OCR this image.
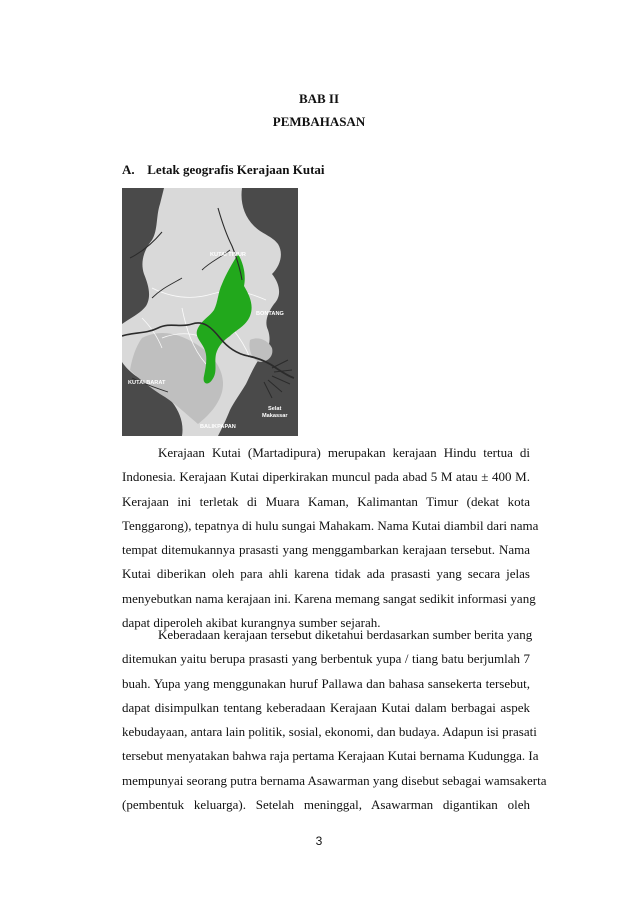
BAB II
PEMBAHASAN
A. Letak geografis Kerajaan Kutai
KUTAI TIMUR
BONTANG
KUTAI BARAT
BALIKPAPAN
Selat
Makassar
Kerajaan Kutai (Martadipura) merupakan kerajaan Hindu tertua di
Indonesia. Kerajaan Kutai diperkirakan muncul pada abad 5 M atau ± 400 M.
Kerajaan ini terletak di Muara Kaman, Kalimantan Timur (dekat kota
Tenggarong), tepatnya di hulu sungai Mahakam. Nama Kutai diambil dari nama
tempat ditemukannya prasasti yang menggambarkan kerajaan tersebut. Nama
Kutai diberikan oleh para ahli karena tidak ada prasasti yang secara jelas
menyebutkan nama kerajaan ini. Karena memang sangat sedikit informasi yang
dapat diperoleh akibat kurangnya sumber sejarah.
Keberadaan kerajaan tersebut diketahui berdasarkan sumber berita yang
ditemukan yaitu berupa prasasti yang berbentuk yupa / tiang batu berjumlah 7
buah. Yupa yang menggunakan huruf Pallawa dan bahasa sansekerta tersebut,
dapat disimpulkan tentang keberadaan Kerajaan Kutai dalam berbagai aspek
kebudayaan, antara lain politik, sosial, ekonomi, dan budaya. Adapun isi prasati
tersebut menyatakan bahwa raja pertama Kerajaan Kutai bernama Kudungga. Ia
mempunyai seorang putra bernama Asawarman yang disebut sebagai wamsakerta
(pembentuk keluarga). Setelah meninggal, Asawarman digantikan oleh
3
